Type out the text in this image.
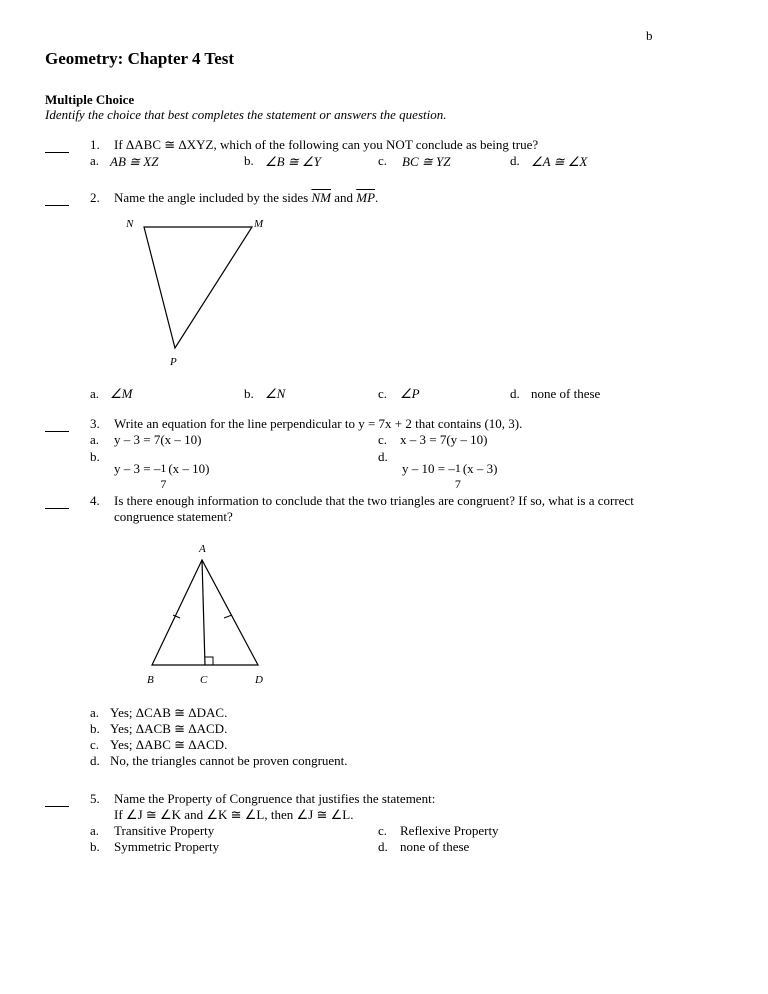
b
Geometry: Chapter 4 Test
Multiple Choice
Identify the choice that best completes the statement or answers the question.
1. If ΔABC ≅ ΔXYZ, which of the following can you NOT conclude as being true?
a. AB ≅ XZ	b. ∠B ≅ ∠Y	c. BC ≅ YZ	d. ∠A ≅ ∠X
2. Name the angle included by the sides $\overline{NM}$ and $\overline{MP}$.
N	M
P
a. ∠M	b. ∠N	c. ∠P	d. none of these
3. Write an equation for the line perpendicular to y = 7x + 2 that contains (10, 3).
a. y – 3 = 7(x – 10)	c. x – 3 = 7(y – 10)
b.
y – 3 = – 1
7
(x – 10)
d.
y – 10 = – 1
7
(x – 3)
4. Is there enough information to conclude that the two triangles are congruent? If so, what is a correct
congruence statement?
A
B	C	D
a. Yes; ΔCAB ≅ ΔDAC.
b. Yes; ΔACB ≅ ΔACD.
c. Yes; ΔABC ≅ ΔACD.
d. No, the triangles cannot be proven congruent.
5. Name the Property of Congruence that justifies the statement:
If ∠J ≅ ∠K and ∠K ≅ ∠L, then ∠J ≅ ∠L.
a. Transitive Property	c. Reflexive Property
b. Symmetric Property	d. none of these
